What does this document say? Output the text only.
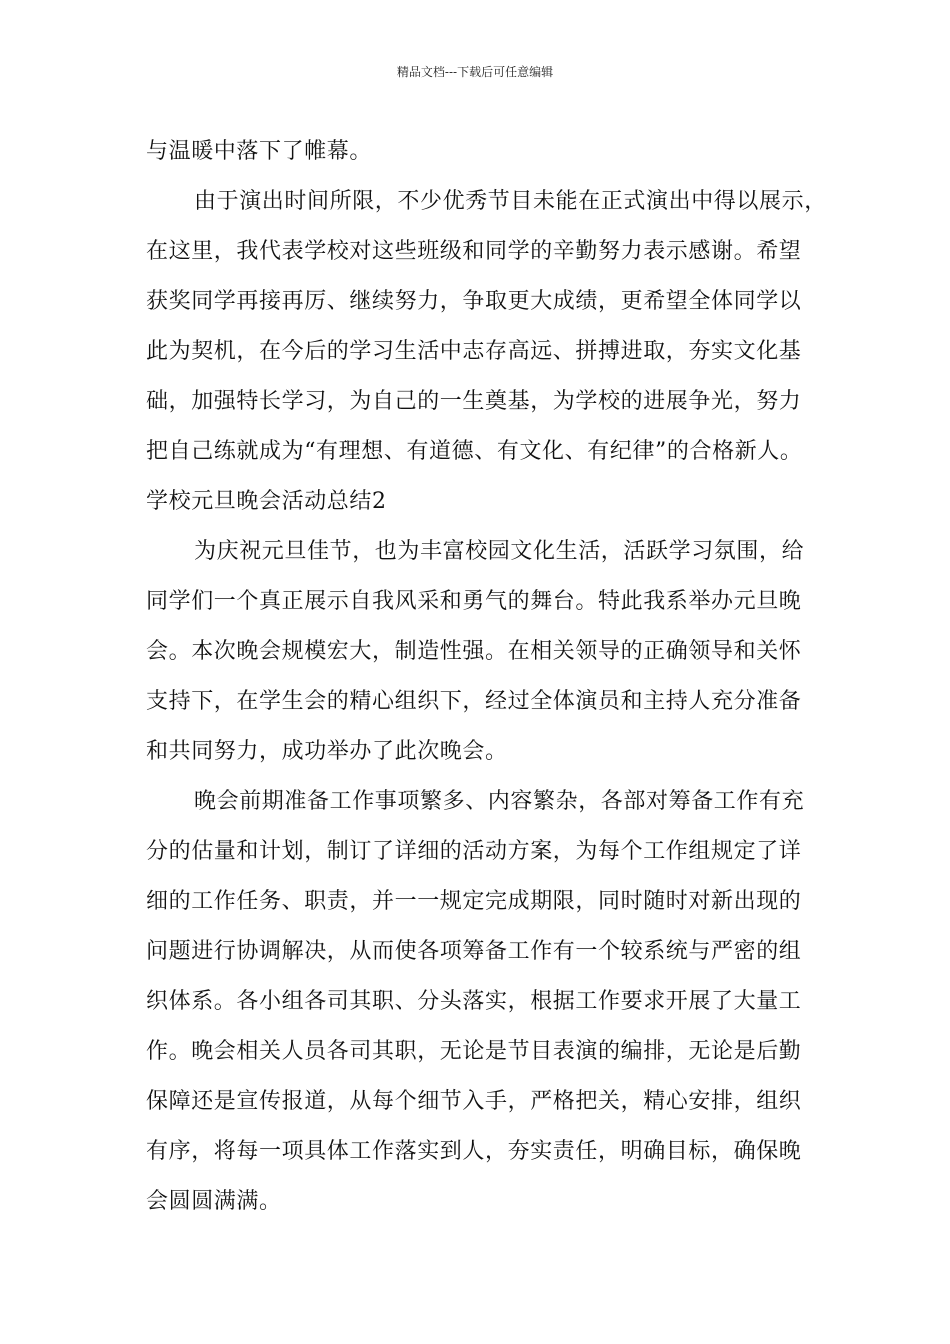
精品文档---下载后可任意编辑
与温暖中落下了帷幕。
由于演出时间所限，不少优秀节目未能在正式演出中得以展示，
在这里，我代表学校对这些班级和同学的辛勤努力表示感谢。希望
获奖同学再接再厉、继续努力，争取更大成绩，更希望全体同学以
此为契机，在今后的学习生活中志存高远、拼搏进取，夯实文化基
础，加强特长学习，为自己的一生奠基，为学校的进展争光，努力
把自己练就成为“有理想、有道德、有文化、有纪律”的合格新人。
学校元旦晚会活动总结2
为庆祝元旦佳节，也为丰富校园文化生活，活跃学习氛围，给
同学们一个真正展示自我风采和勇气的舞台。特此我系举办元旦晚
会。本次晚会规模宏大，制造性强。在相关领导的正确领导和关怀
支持下，在学生会的精心组织下，经过全体演员和主持人充分准备
和共同努力，成功举办了此次晚会。
晚会前期准备工作事项繁多、内容繁杂，各部对筹备工作有充
分的估量和计划，制订了详细的活动方案，为每个工作组规定了详
细的工作任务、职责，并一一规定完成期限，同时随时对新出现的
问题进行协调解决，从而使各项筹备工作有一个较系统与严密的组
织体系。各小组各司其职、分头落实，根据工作要求开展了大量工
作。晚会相关人员各司其职，无论是节目表演的编排，无论是后勤
保障还是宣传报道，从每个细节入手，严格把关，精心安排，组织
有序，将每一项具体工作落实到人，夯实责任，明确目标，确保晚
会圆圆满满。
